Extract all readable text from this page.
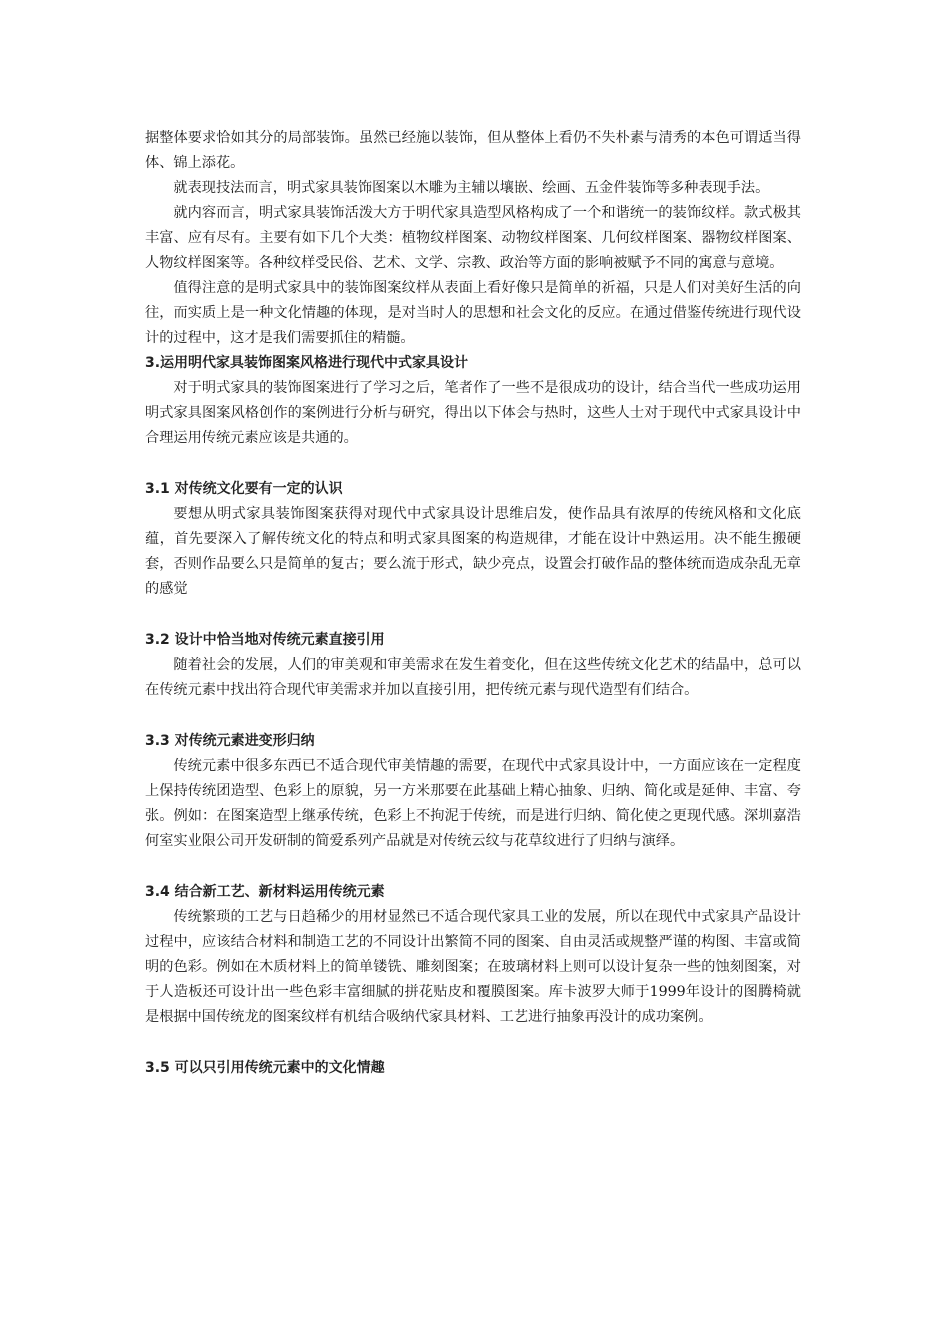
据整体要求恰如其分的局部装饰。虽然已经施以装饰，但从整体上看仍不失朴素与清秀的本色可谓适当得体、锦上添花。

就表现技法而言，明式家具装饰图案以木雕为主辅以壤嵌、绘画、五金件装饰等多种表现手法。

就内容而言，明式家具装饰活泼大方于明代家具造型风格构成了一个和谐统一的装饰纹样。款式极其丰富、应有尽有。主要有如下几个大类：植物纹样图案、动物纹样图案、几何纹样图案、器物纹样图案、人物纹样图案等。各种纹样受民俗、艺术、文学、宗教、政治等方面的影响被赋予不同的寓意与意境。

值得注意的是明式家具中的装饰图案纹样从表面上看好像只是简单的祈福，只是人们对美好生活的向往，而实质上是一种文化情趣的体现，是对当时人的思想和社会文化的反应。在通过借鉴传统进行现代设计的过程中，这才是我们需要抓住的精髓。

3.运用明代家具装饰图案风格进行现代中式家具设计

对于明式家具的装饰图案进行了学习之后，笔者作了一些不是很成功的设计，结合当代一些成功运用明式家具图案风格创作的案例进行分析与研究，得出以下体会与热时，这些人士对于现代中式家具设计中合理运用传统元素应该是共通的。

3.1 对传统文化要有一定的认识

要想从明式家具装饰图案获得对现代中式家具设计思维启发，使作品具有浓厚的传统风格和文化底蕴，首先要深入了解传统文化的特点和明式家具图案的构造规律，才能在设计中熟运用。决不能生搬硬套，否则作品要么只是简单的复古；要么流于形式，缺少亮点，设置会打破作品的整体统而造成杂乱无章的感觉

3.2 设计中恰当地对传统元素直接引用

随着社会的发展，人们的审美观和审美需求在发生着变化，但在这些传统文化艺术的结晶中，总可以在传统元素中找出符合现代审美需求并加以直接引用，把传统元素与现代造型有们结合。

3.3 对传统元素进变形归纳

传统元素中很多东西已不适合现代审美情趣的需要，在现代中式家具设计中，一方面应该在一定程度上保持传统团造型、色彩上的原貌，另一方米那要在此基础上精心抽象、归纳、简化或是延伸、丰富、夸张。例如：在图案造型上继承传统，色彩上不拘泥于传统，而是进行归纳、简化使之更现代感。深圳嘉浩何室实业限公司开发研制的简爱系列产品就是对传统云纹与花草纹进行了归纳与演绎。

3.4 结合新工艺、新材料运用传统元素

传统繁琐的工艺与日趋稀少的用材显然已不适合现代家具工业的发展，所以在现代中式家具产品设计过程中，应该结合材料和制造工艺的不同设计出繁简不同的图案、自由灵活或规整严谨的构图、丰富或简明的色彩。例如在木质材料上的简单镂铣、雕刻图案；在玻璃材料上则可以设计复杂一些的蚀刻图案，对于人造板还可设计出一些色彩丰富细腻的拼花贴皮和覆膜图案。库卡波罗大师于1999年设计的图腾椅就是根据中国传统龙的图案纹样有机结合吸纳代家具材料、工艺进行抽象再没计的成功案例。

3.5 可以只引用传统元素中的文化情趣
